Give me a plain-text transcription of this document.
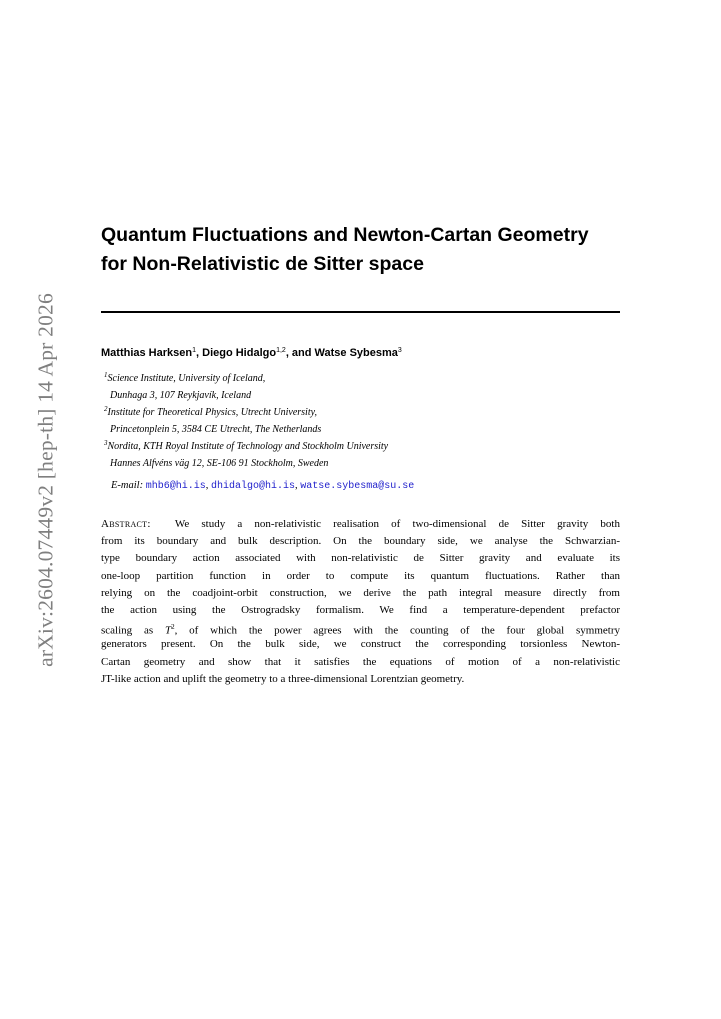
arXiv:2604.07449v2 [hep-th] 14 Apr 2026
Quantum Fluctuations and Newton-Cartan Geometry
for Non-Relativistic de Sitter space
Matthias Harksen$^1$, Diego Hidalgo$^{1,2}$, and Watse Sybesma$^3$
$^1$Science Institute, University of Iceland,
Dunhaga 3, 107 Reykjavík, Iceland
$^2$Institute for Theoretical Physics, Utrecht University,
Princetonplein 5, 3584 CE Utrecht, The Netherlands
$^3$Nordita, KTH Royal Institute of Technology and Stockholm University
Hannes Alfvéns väg 12, SE-106 91 Stockholm, Sweden
E-mail: mhb6@hi.is, dhidalgo@hi.is, watse.sybesma@su.se
Abstract: We study a non-relativistic realisation of two-dimensional de Sitter gravity both
from its boundary and bulk description. On the boundary side, we analyse the Schwarzian-
type boundary action associated with non-relativistic de Sitter gravity and evaluate its
one-loop partition function in order to compute its quantum fluctuations. Rather than
relying on the coadjoint-orbit construction, we derive the path integral measure directly from
the action using the Ostrogradsky formalism. We find a temperature-dependent prefactor
scaling as $T^2$, of which the power agrees with the counting of the four global symmetry
generators present. On the bulk side, we construct the corresponding torsionless Newton-
Cartan geometry and show that it satisfies the equations of motion of a non-relativistic
JT-like action and uplift the geometry to a three-dimensional Lorentzian geometry.
